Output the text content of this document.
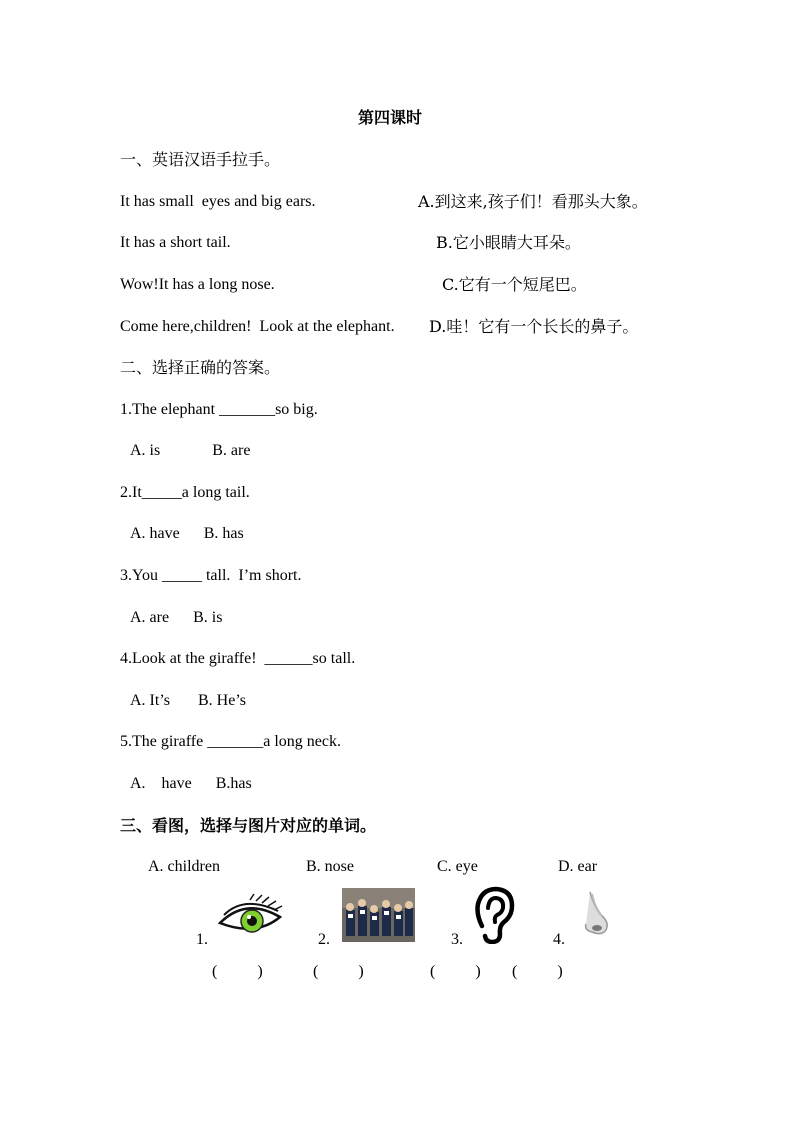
第四课时
一、英语汉语手拉手。
It has small  eyes and big ears.	A.到这来,孩子们！看那头大象。
It has a short tail.	B.它小眼睛大耳朵。
Wow!It has a long nose.	C.它有一个短尾巴。
Come here,children!  Look at the elephant. D.哇！它有一个长长的鼻子。
二、选择正确的答案。
1.The elephant _______so big.
A. is             B. are
2.It_____a long tail.
A. have      B. has
3.You _____ tall.  I’m short.
A. are      B. is
4.Look at the giraffe!  ______so tall.
A. It’s       B. He’s
5.The giraffe _______a long neck.
A.    have      B.has
三、看图，选择与图片对应的单词。
A. children	B. nose	C. eye	D. ear
1.	2.	3.	4.
(          )	(          )	(          ) (          )
